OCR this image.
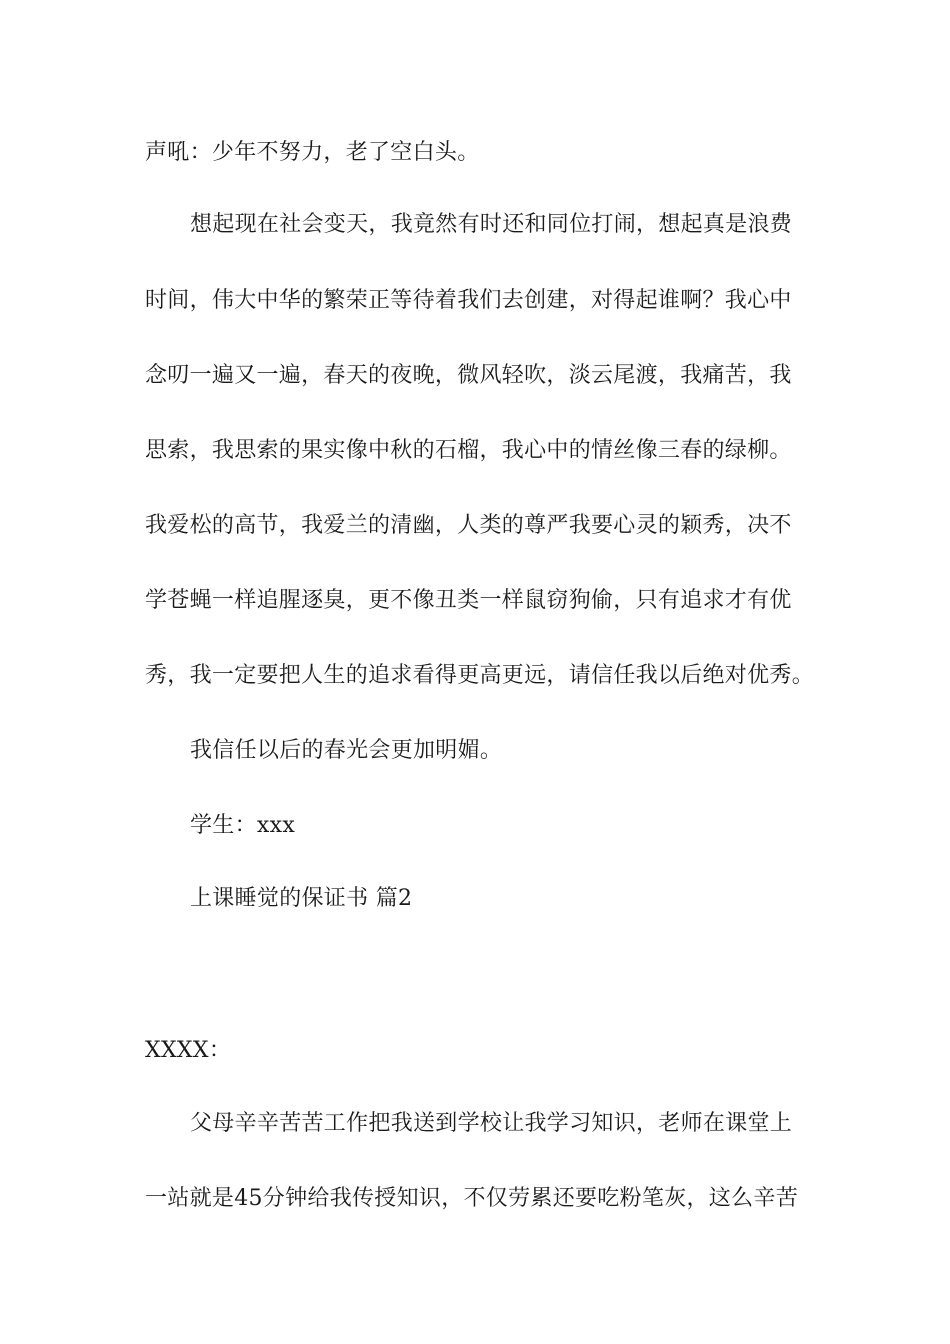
声吼：少年不努力，老了空白头。
想起现在社会变天，我竟然有时还和同位打闹，想起真是浪费
时间，伟大中华的繁荣正等待着我们去创建，对得起谁啊？我心中
念叨一遍又一遍，春天的夜晚，微风轻吹，淡云尾渡，我痛苦，我
思索，我思索的果实像中秋的石榴，我心中的情丝像三春的绿柳。
我爱松的高节，我爱兰的清幽，人类的尊严我要心灵的颖秀，决不
学苍蝇一样追腥逐臭，更不像丑类一样鼠窃狗偷，只有追求才有优
秀，我一定要把人生的追求看得更高更远，请信任我以后绝对优秀。
我信任以后的春光会更加明媚。
学生：xxx
上课睡觉的保证书 篇2
XXXX：
父母辛辛苦苦工作把我送到学校让我学习知识，老师在课堂上
一站就是45分钟给我传授知识，不仅劳累还要吃粉笔灰，这么辛苦
